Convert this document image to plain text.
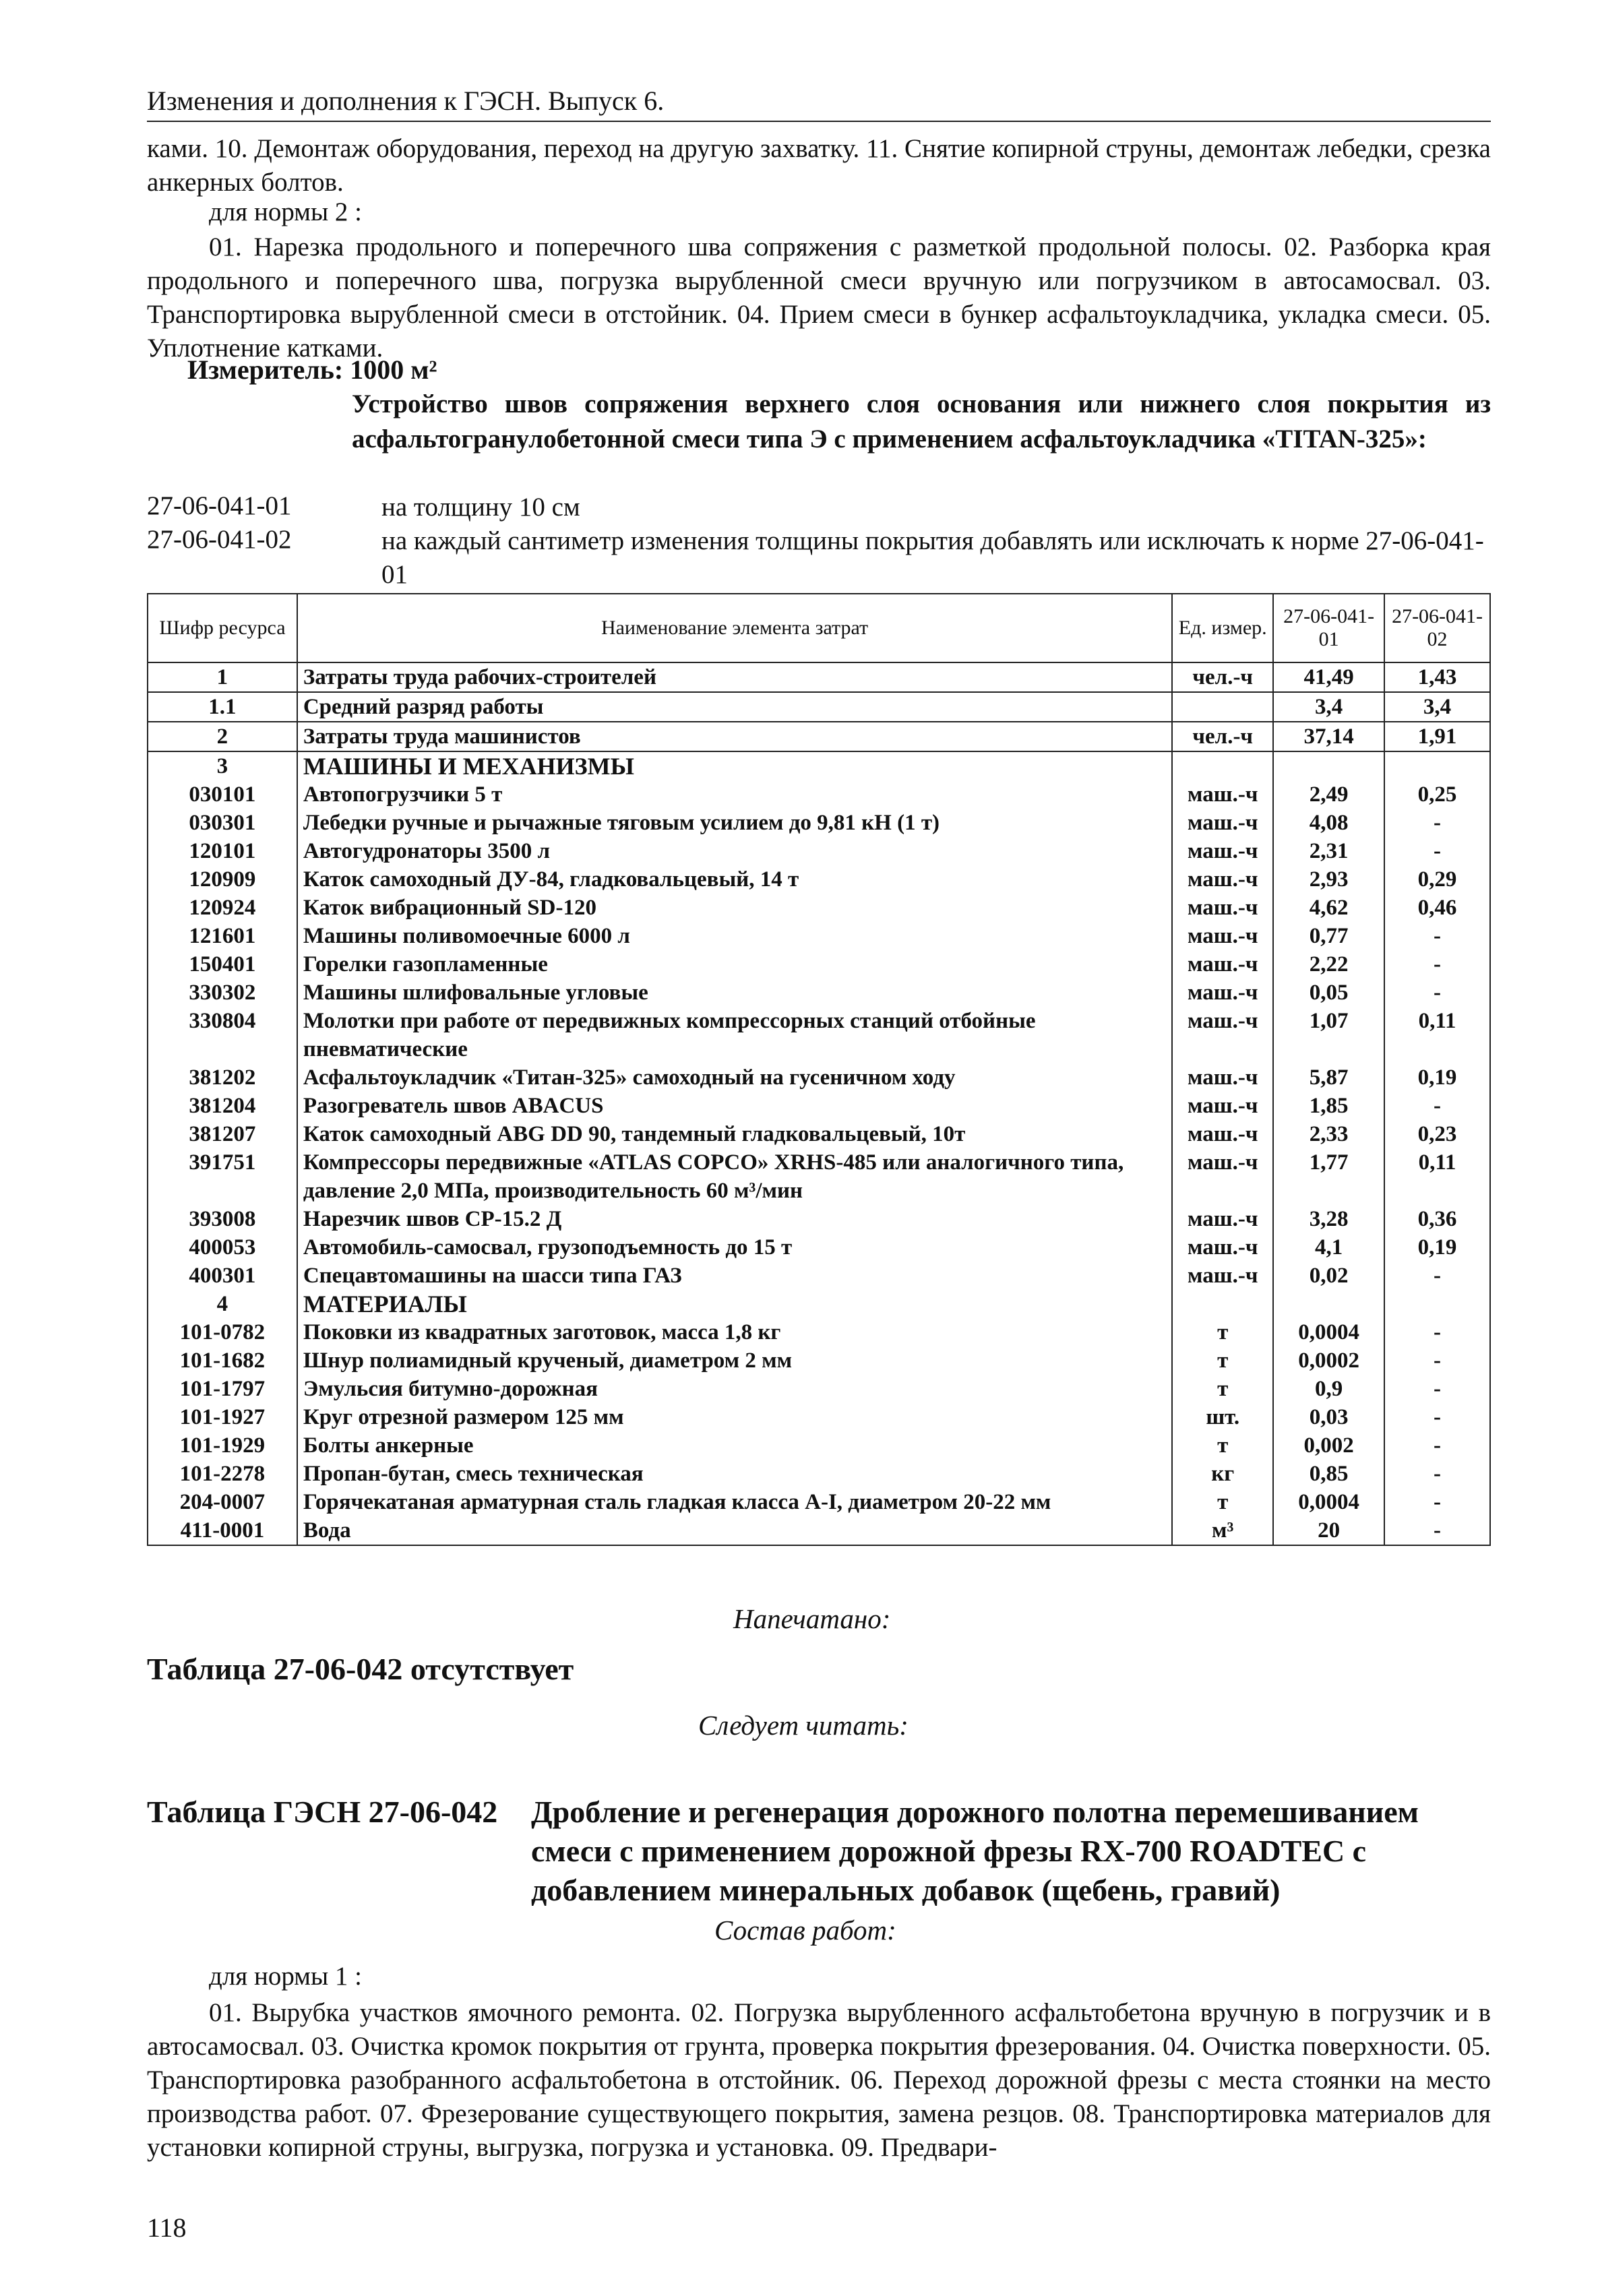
Изменения и дополнения к ГЭСН. Выпуск 6.
ками. 10. Демонтаж оборудования, переход на другую захватку. 11. Снятие копирной струны, демонтаж лебедки, срезка анкерных болтов.
для нормы 2 :
01. Нарезка продольного и поперечного шва сопряжения с разметкой продольной полосы. 02. Разборка края продольного и поперечного шва, погрузка вырубленной смеси вручную или погрузчиком в автосамосвал. 03. Транспортировка вырубленной смеси в отстойник. 04. Прием смеси в бункер асфальтоукладчика, укладка смеси. 05. Уплотнение катками.
Измеритель: 1000 м²
Устройство швов сопряжения верхнего слоя основания или нижнего слоя покрытия из асфальтогранулобетонной смеси типа Э с применением асфальтоукладчика «TITAN-325»:
27-06-041-01	на толщину 10 см
27-06-041-02	на каждый сантиметр изменения толщины покрытия добавлять или исключать к норме 27-06-041-01
Шифр ресурса	Наименование элемента затрат	Ед. измер.	27-06-041-01	27-06-041-02
1	Затраты труда рабочих-строителей	чел.-ч	41,49	1,43
1.1	Средний разряд работы		3,4	3,4
2	Затраты труда машинистов	чел.-ч	37,14	1,91
3	МАШИНЫ И МЕХАНИЗМЫ			
030101	Автопогрузчики 5 т	маш.-ч	2,49	0,25
030301	Лебедки ручные и рычажные тяговым усилием до 9,81 кН (1 т)	маш.-ч	4,08	-
120101	Автогудронаторы 3500 л	маш.-ч	2,31	-
120909	Каток самоходный ДУ-84, гладковальцевый, 14 т	маш.-ч	2,93	0,29
120924	Каток вибрационный SD-120	маш.-ч	4,62	0,46
121601	Машины поливомоечные 6000 л	маш.-ч	0,77	-
150401	Горелки газопламенные	маш.-ч	2,22	-
330302	Машины шлифовальные угловые	маш.-ч	0,05	-
330804	Молотки при работе от передвижных компрессорных станций отбойные пневматические	маш.-ч	1,07	0,11
381202	Асфальтоукладчик «Титан-325» самоходный на гусеничном ходу	маш.-ч	5,87	0,19
381204	Разогреватель швов ABACUS	маш.-ч	1,85	-
381207	Каток самоходный ABG DD 90, тандемный гладковальцевый, 10т	маш.-ч	2,33	0,23
391751	Компрессоры передвижные «ATLAS COPCO» XRHS-485 или аналогичного типа, давление 2,0 МПа, производительность 60 м³/мин	маш.-ч	1,77	0,11
393008	Нарезчик швов СР-15.2 Д	маш.-ч	3,28	0,36
400053	Автомобиль-самосвал, грузоподъемность до 15 т	маш.-ч	4,1	0,19
400301	Спецавтомашины на шасси типа ГАЗ	маш.-ч	0,02	-
4	МАТЕРИАЛЫ			
101-0782	Поковки из квадратных заготовок, масса 1,8 кг	т	0,0004	-
101-1682	Шнур полиамидный крученый, диаметром 2 мм	т	0,0002	-
101-1797	Эмульсия битумно-дорожная	т	0,9	-
101-1927	Круг отрезной размером 125 мм	шт.	0,03	-
101-1929	Болты анкерные	т	0,002	-
101-2278	Пропан-бутан, смесь техническая	кг	0,85	-
204-0007	Горячекатаная арматурная сталь гладкая класса А-I, диаметром 20-22 мм	т	0,0004	-
411-0001	Вода	м³	20	-
Напечатано:
Таблица 27-06-042 отсутствует
Следует читать:
Таблица ГЭСН 27-06-042	Дробление и регенерация дорожного полотна перемешиванием смеси с применением дорожной фрезы RX-700 ROADTEC с добавлением минеральных добавок (щебень, гравий)
Состав работ:
для нормы 1 :
01. Вырубка участков ямочного ремонта. 02. Погрузка вырубленного асфальтобетона вручную в погрузчик и в автосамосвал. 03. Очистка кромок покрытия от грунта, проверка покрытия фрезерования. 04. Очистка поверхности. 05. Транспортировка разобранного асфальтобетона в отстойник. 06. Переход дорожной фрезы с места стоянки на место производства работ. 07. Фрезерование существующего покрытия, замена резцов. 08. Транспортировка материалов для установки копирной струны, выгрузка, погрузка и установка. 09. Предвари-
118
